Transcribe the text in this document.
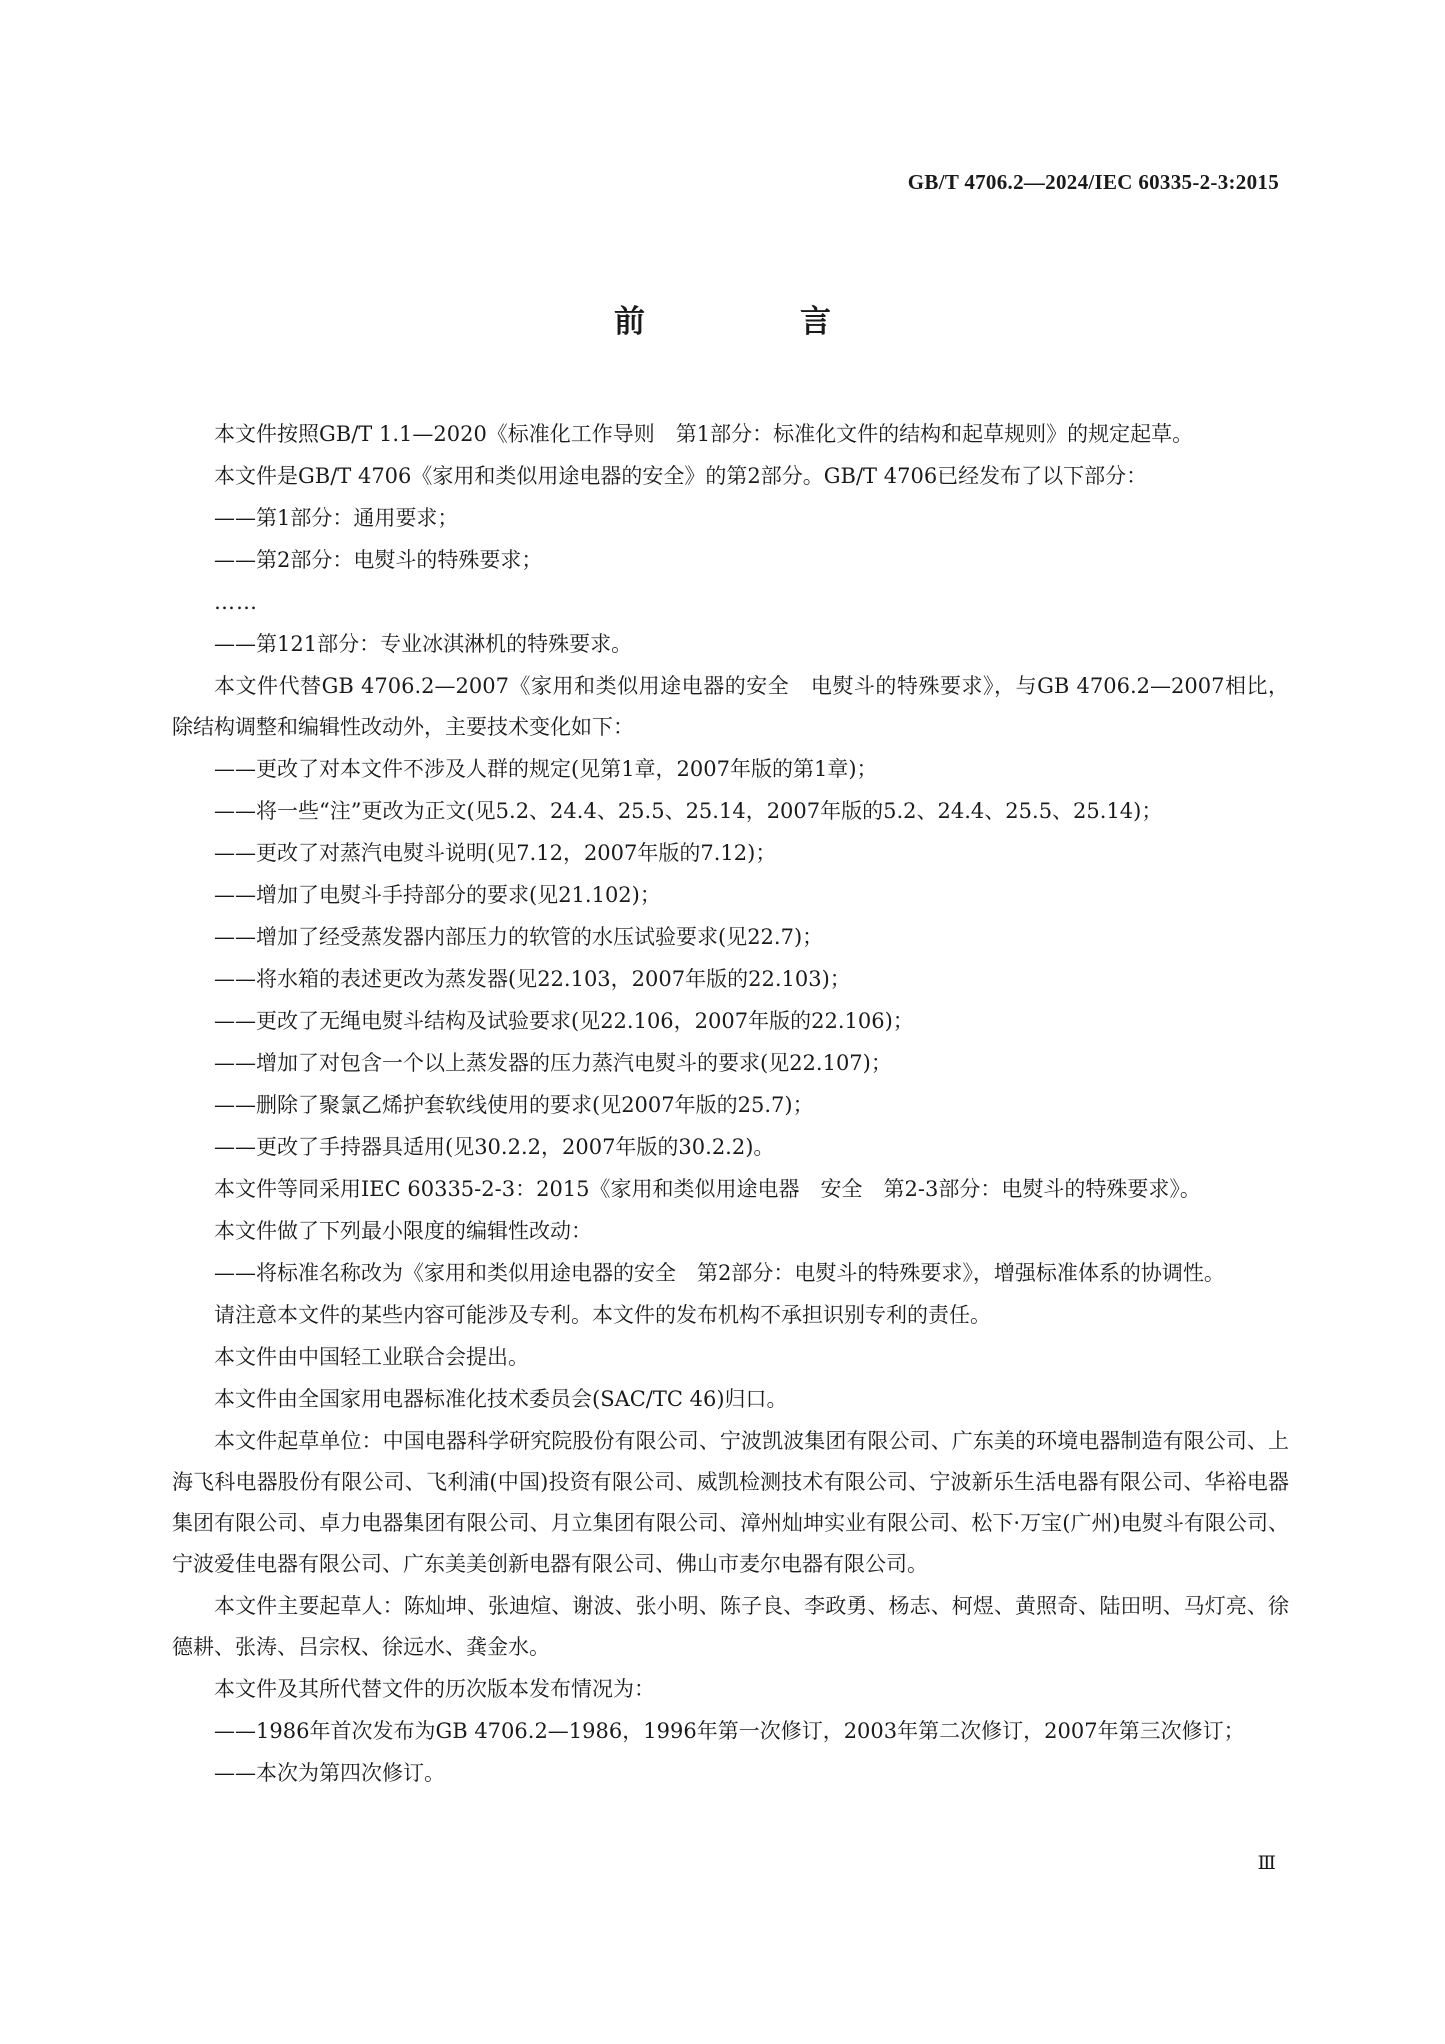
GB/T 4706.2—2024/IEC 60335-2-3:2015
前　言

本文件按照GB/T 1.1—2020《标准化工作导则　第1部分：标准化文件的结构和起草规则》的规定起草。

本文件是GB/T 4706《家用和类似用途电器的安全》的第2部分。GB/T 4706已经发布了以下部分：

——第1部分：通用要求；

——第2部分：电熨斗的特殊要求；

……

——第121部分：专业冰淇淋机的特殊要求。

本文件代替GB 4706.2—2007《家用和类似用途电器的安全　电熨斗的特殊要求》，与GB 4706.2—2007相比，除结构调整和编辑性改动外，主要技术变化如下：

——更改了对本文件不涉及人群的规定(见第1章，2007年版的第1章)；

——将一些“注”更改为正文(见5.2、24.4、25.5、25.14，2007年版的5.2、24.4、25.5、25.14)；

——更改了对蒸汽电熨斗说明(见7.12，2007年版的7.12)；

——增加了电熨斗手持部分的要求(见21.102)；

——增加了经受蒸发器内部压力的软管的水压试验要求(见22.7)；

——将水箱的表述更改为蒸发器(见22.103，2007年版的22.103)；

——更改了无绳电熨斗结构及试验要求(见22.106，2007年版的22.106)；

——增加了对包含一个以上蒸发器的压力蒸汽电熨斗的要求(见22.107)；

——删除了聚氯乙烯护套软线使用的要求(见2007年版的25.7)；

——更改了手持器具适用(见30.2.2，2007年版的30.2.2)。

本文件等同采用IEC 60335-2-3：2015《家用和类似用途电器　安全　第2-3部分：电熨斗的特殊要求》。

本文件做了下列最小限度的编辑性改动：

——将标准名称改为《家用和类似用途电器的安全　第2部分：电熨斗的特殊要求》，增强标准体系的协调性。

请注意本文件的某些内容可能涉及专利。本文件的发布机构不承担识别专利的责任。

本文件由中国轻工业联合会提出。

本文件由全国家用电器标准化技术委员会(SAC/TC 46)归口。

本文件起草单位：中国电器科学研究院股份有限公司、宁波凯波集团有限公司、广东美的环境电器制造有限公司、上海飞科电器股份有限公司、飞利浦(中国)投资有限公司、威凯检测技术有限公司、宁波新乐生活电器有限公司、华裕电器集团有限公司、卓力电器集团有限公司、月立集团有限公司、漳州灿坤实业有限公司、松下·万宝(广州)电熨斗有限公司、宁波爱佳电器有限公司、广东美美创新电器有限公司、佛山市麦尔电器有限公司。

本文件主要起草人：陈灿坤、张迪煊、谢波、张小明、陈子良、李政勇、杨志、柯煜、黄照奇、陆田明、马灯亮、徐德耕、张涛、吕宗权、徐远水、龚金水。

本文件及其所代替文件的历次版本发布情况为：

——1986年首次发布为GB 4706.2—1986，1996年第一次修订，2003年第二次修订，2007年第三次修订；

——本次为第四次修订。

Ⅲ
